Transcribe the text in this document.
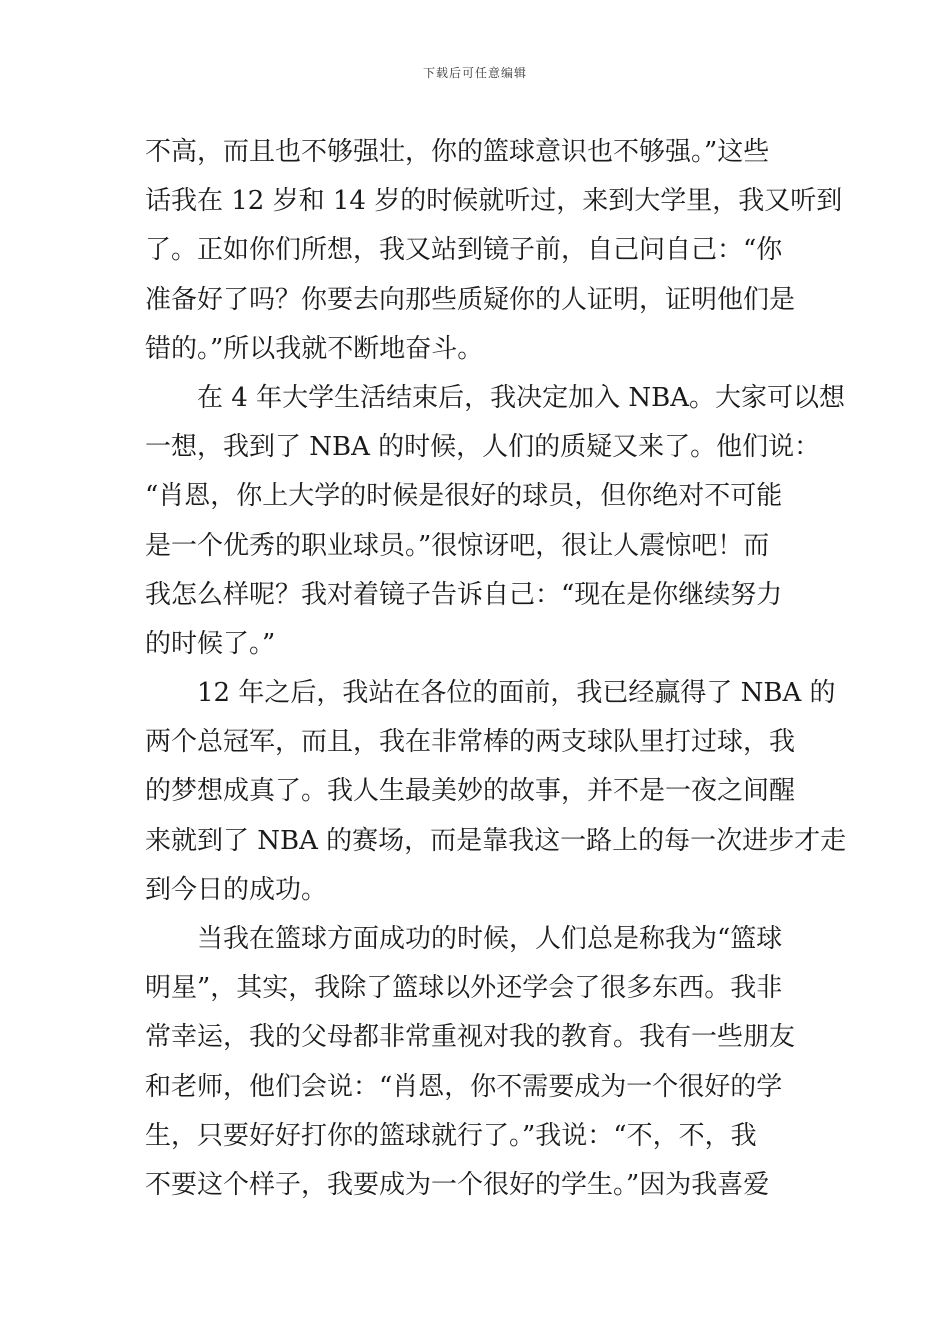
下载后可任意编辑
不高，而且也不够强壮，你的篮球意识也不够强。”这些
话我在 12 岁和 14 岁的时候就听过，来到大学里，我又听到
了。正如你们所想，我又站到镜子前，自己问自己：“你
准备好了吗？你要去向那些质疑你的人证明，证明他们是
错的。”所以我就不断地奋斗。
在 4 年大学生活结束后，我决定加入 NBA。大家可以想
一想，我到了 NBA 的时候，人们的质疑又来了。他们说：
“肖恩，你上大学的时候是很好的球员，但你绝对不可能
是一个优秀的职业球员。”很惊讶吧，很让人震惊吧！而
我怎么样呢？我对着镜子告诉自己：“现在是你继续努力
的时候了。”
12 年之后，我站在各位的面前，我已经赢得了 NBA 的
两个总冠军，而且，我在非常棒的两支球队里打过球，我
的梦想成真了。我人生最美妙的故事，并不是一夜之间醒
来就到了 NBA 的赛场，而是靠我这一路上的每一次进步才走
到今日的成功。
当我在篮球方面成功的时候，人们总是称我为“篮球
明星”，其实，我除了篮球以外还学会了很多东西。我非
常幸运，我的父母都非常重视对我的教育。我有一些朋友
和老师，他们会说：“肖恩，你不需要成为一个很好的学
生，只要好好打你的篮球就行了。”我说：“不，不，我
不要这个样子，我要成为一个很好的学生。”因为我喜爱
